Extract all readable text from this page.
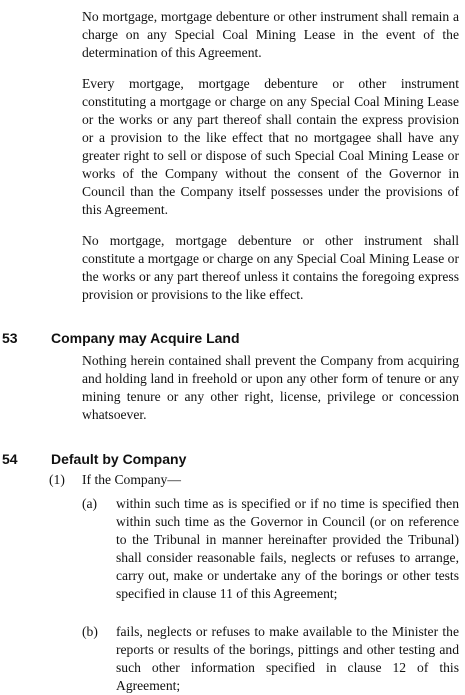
No mortgage, mortgage debenture or other instrument shall remain a charge on any Special Coal Mining Lease in the event of the determination of this Agreement.

Every mortgage, mortgage debenture or other instrument constituting a mortgage or charge on any Special Coal Mining Lease or the works or any part thereof shall contain the express provision or a provision to the like effect that no mortgagee shall have any greater right to sell or dispose of such Special Coal Mining Lease or works of the Company without the consent of the Governor in Council than the Company itself possesses under the provisions of this Agreement.

No mortgage, mortgage debenture or other instrument shall constitute a mortgage or charge on any Special Coal Mining Lease or the works or any part thereof unless it contains the foregoing express provision or provisions to the like effect.

53 Company may Acquire Land

Nothing herein contained shall prevent the Company from acquiring and holding land in freehold or upon any other form of tenure or any mining tenure or any other right, license, privilege or concession whatsoever.

54 Default by Company
(1) If the Company—
(a) within such time as is specified or if no time is specified then within such time as the Governor in Council (or on reference to the Tribunal in manner hereinafter provided the Tribunal) shall consider reasonable fails, neglects or refuses to arrange, carry out, make or undertake any of the borings or other tests specified in clause 11 of this Agreement;

(b) fails, neglects or refuses to make available to the Minister the reports or results of the borings, pittings and other testing and such other information specified in clause 12 of this Agreement;
